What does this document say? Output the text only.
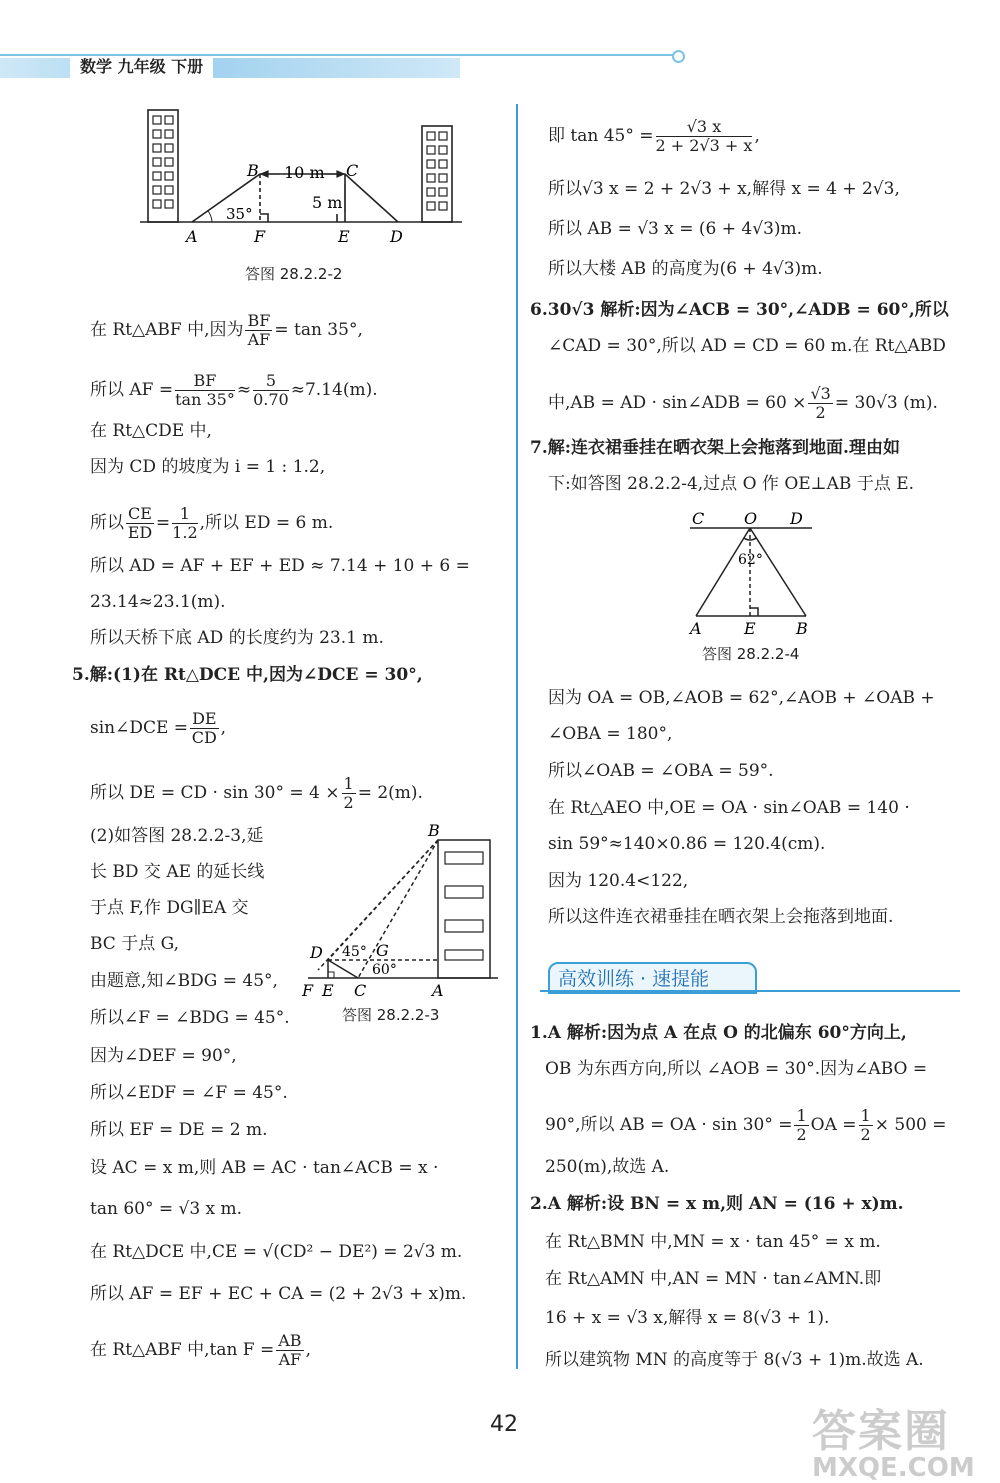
数学 九年级 下册
B	C
10 m
5 m
35°
A	F	E	D
答图 28.2.2-2
在 Rt△ABF 中,因为 $\frac{BF}{AF} = \tan 35^\circ$,
所以 AF = $\frac{BF}{\tan 35^\circ} \approx \frac{5}{0.70} \approx 7.14(m)$.
在 Rt△CDE 中,
因为 CD 的坡度为 i = 1 : 1.2,
所以 $\frac{CE}{ED} = \frac{1}{1.2}$ ,所以 ED = 6 m.
所以 AD = AF + EF + ED ≈ 7.14 + 10 + 6 =
23.14≈23.1(m).
所以天桥下底 AD 的长度约为 23.1 m.
5.解:(1)在 Rt△DCE 中,因为∠DCE = 30°,
sin∠DCE = $\frac{DE}{CD}$ ,
所以 DE = CD · $\sin 30^\circ = 4 \times \frac{1}{2} = 2(m)$.
(2)如答图 28.2.2-3,延
长 BD 交 AE 的延长线
于点 F,作 DG∥EA 交
BC 于点 G,
由题意,知∠BDG = 45°,
所以∠F = ∠BDG = 45°.
因为∠DEF = 90°,
所以∠EDF = ∠F = 45°.
所以 EF = DE = 2 m.
设 AC = x m,则 AB = AC · tan∠ACB = x ·
tan 60° = √3 x m.
在 Rt△DCE 中,CE = √(CD² − DE²) = 2√3 m.
所以 AF = EF + EC + CA = (2 + 2√3 + x)m.
在 Rt△ABF 中,tan $F = \frac{AB}{AF}$ ,
B
D	G
45°
60°
F E C	A
答图 28.2.2-3
即 $\tan 45^\circ = \frac{√3 x}{2 + 2√3 + x}$ ,
所以√3 x = 2 + 2√3 + x,解得 x = 4 + 2√3,
所以 AB = √3 x = (6 + 4√3)m.
所以大楼 AB 的高度为(6 + 4√3)m.
6.30√3 解析:因为∠ACB = 30°,∠ADB = 60°,所以
∠CAD = 30°,所以 AD = CD = 60 m.在 Rt△ABD
中,AB = AD · sin∠ADB = $60 \times \frac{√3}{2} = 30√3$ (m).
7.解:连衣裙垂挂在晒衣架上会拖落到地面.理由如
下:如答图 28.2.2-4,过点 O 作 OE⊥AB 于点 E.
C O D
62°
A	E	B
答图 28.2.2-4
因为 OA = OB,∠AOB = 62°,∠AOB + ∠OAB +
∠OBA = 180°,
所以∠OAB = ∠OBA = 59°.
在 Rt△AEO 中,OE = OA · sin∠OAB = 140 ·
sin 59°≈140×0.86 = 120.4(cm).
因为 120.4<122,
所以这件连衣裙垂挂在晒衣架上会拖落到地面.
高效训练 · 速提能
1.A 解析:因为点 A 在点 O 的北偏东 60°方向上,
OB 为东西方向,所以 ∠AOB = 30°.因为∠ABO =
90°,所以 AB = OA · $\sin 30^\circ = \frac{1}{2}$ OA = $\frac{1}{2} \times 500$ =
250(m),故选 A.
2.A 解析:设 BN = x m,则 AN = (16 + x)m.
在 Rt△BMN 中,MN = x · tan 45° = x m.
在 Rt△AMN 中,AN = MN · tan∠AMN.即
16 + x = √3 x,解得 x = 8(√3 + 1).
所以建筑物 MN 的高度等于 8(√3 + 1)m.故选 A.
42	答案圈
MXQE.COM
